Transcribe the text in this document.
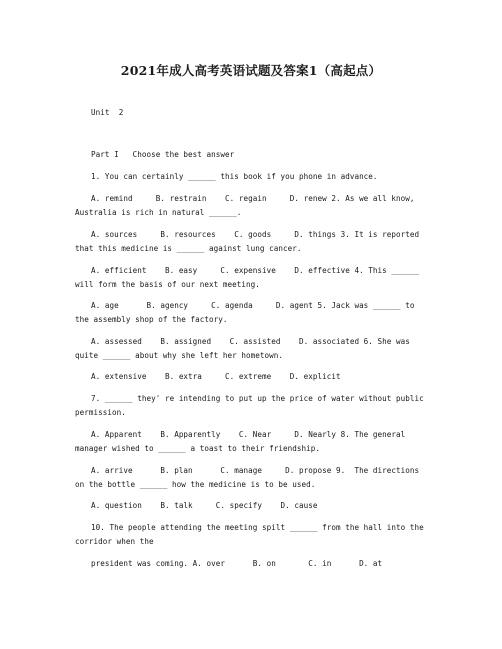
2021年成人高考英语试题及答案1（高起点）
Unit  2
Part I   Choose the best answer
1. You can certainly ______ this book if you phone in advance.
A. remind     B. restrain    C. regain     D. renew 2. As we all know,
Australia is rich in natural ______.
A. sources     B. resources    C. goods     D. things 3. It is reported
that this medicine is ______ against lung cancer.
A. efficient    B. easy     C. expensive    D. effective 4. This ______
will form the basis of our next meeting.
A. age      B. agency     C. agenda     D. agent 5. Jack was ______ to
the assembly shop of the factory.
A. assessed    B. assigned    C. assisted    D. associated 6. She was
quite ______ about why she left her hometown.
A. extensive    B. extra     C. extreme    D. explicit
7. ______ they' re intending to put up the price of water without public
permission.
A. Apparent    B. Apparently    C. Near     D. Nearly 8. The general
manager wished to ______ a toast to their friendship.
A. arrive      B. plan      C. manage     D. propose 9.  The directions
on the bottle ______ how the medicine is to be used.
A. question    B. talk     C. specify    D. cause
10. The people attending the meeting spilt ______ from the hall into the
corridor when the
president was coming. A. over      B. on       C. in      D. at
